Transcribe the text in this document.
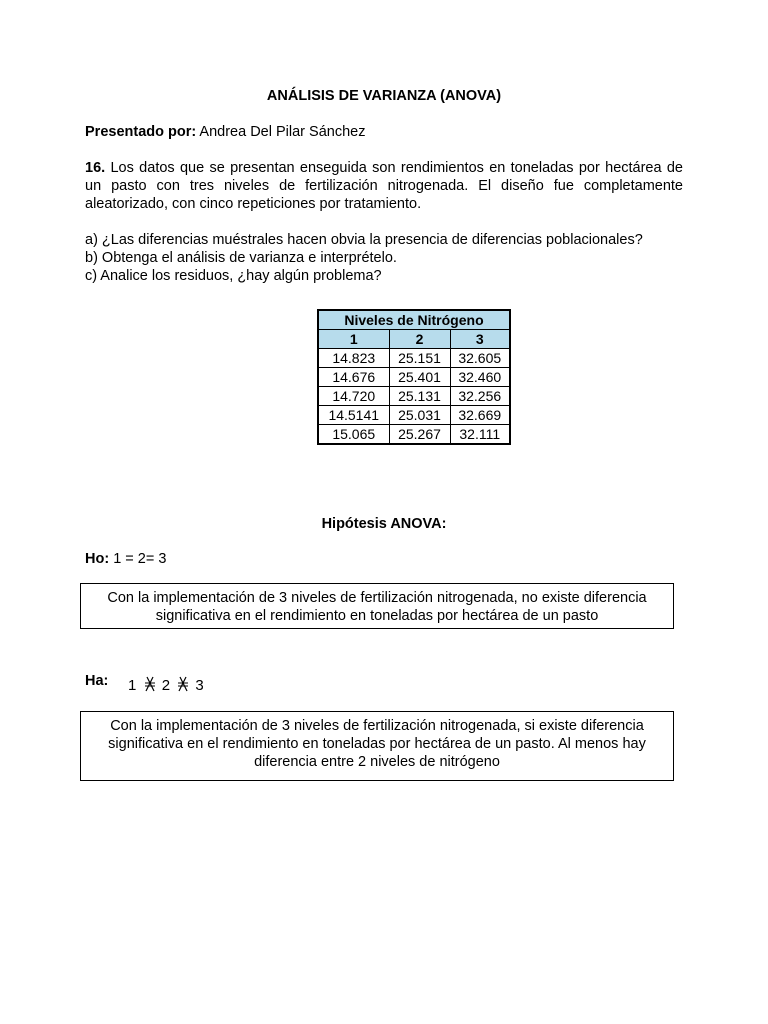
ANÁLISIS DE VARIANZA (ANOVA)
Presentado por: Andrea Del Pilar Sánchez
16. Los datos que se presentan enseguida son rendimientos en toneladas por hectárea de un pasto con tres niveles de fertilización nitrogenada. El diseño fue completamente aleatorizado, con cinco repeticiones por tratamiento.
a) ¿Las diferencias muéstrales hacen obvia la presencia de diferencias poblacionales?
b) Obtenga el análisis de varianza e interprételo.
c) Analice los residuos, ¿hay algún problema?
Niveles de Nitrógeno		
1	2	3
14.823	25.151	32.605
14.676	25.401	32.460
14.720	25.131	32.256
14.5141	25.031	32.669
15.065	25.267	32.111
Hipótesis ANOVA:
Ho: 1 = 2= 3
Con la implementación de 3 niveles de fertilización nitrogenada, no existe diferencia significativa en el rendimiento en toneladas por hectárea de un pasto
Ha: 1 2 3
Con la implementación de 3 niveles de fertilización nitrogenada, si existe diferencia significativa en el rendimiento en toneladas por hectárea de un pasto. Al menos hay diferencia entre 2 niveles de nitrógeno
